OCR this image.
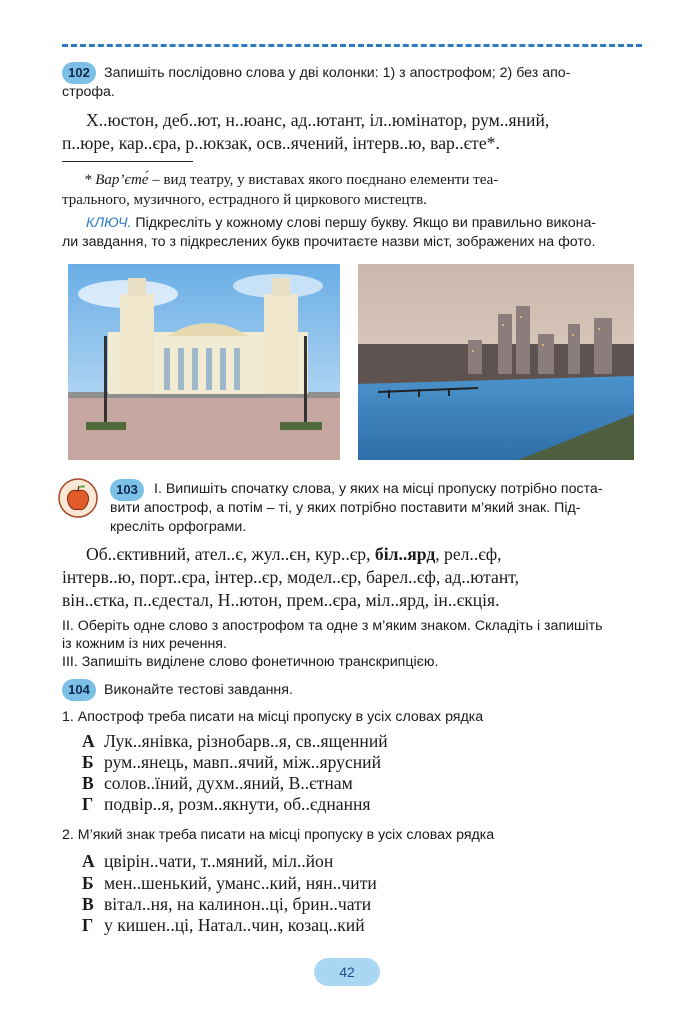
102 Запишіть послідовно слова у дві колонки: 1) з апострофом; 2) без апо-
строфа.
Х..юстон, деб..ют, н..юанс, ад..ютант, іл..юмінатор, рум..яний,
п..юре, кар..єра, р..юкзак, осв..ячений, інтерв..ю, вар..єте*.
* Вар’єте́ – вид театру, у виставах якого поєднано елементи теа-
трального, музичного, естрадного й циркового мистецтв.
КЛЮЧ. Підкресліть у кожному слові першу букву. Якщо ви правильно викона-
ли завдання, то з підкреслених букв прочитаєте назви міст, зображених на фото.
103	І. Випишіть спочатку слова, у яких на місці пропуску потрібно поста-
вити апостроф, а потім – ті, у яких потрібно поставити м’який знак. Під-
кресліть орфограми.
Об..єктивний, ател..є, жул..єн, кур..єр, біл..ярд, рел..єф,
інтерв..ю, порт..єра, інтер..єр, модел..єр, барел..єф, ад..ютант,
він..єтка, п..єдестал, Н..ютон, прем..єра, міл..ярд, ін..єкція.
ІІ. Оберіть одне слово з апострофом та одне з м’яким знаком. Складіть і запишіть
із кожним із них речення.
ІІІ. Запишіть виділене слово фонетичною транскрипцією.
104 Виконайте тестові завдання.
1. Апостроф треба писати на місці пропуску в усіх словах рядка
А Лук..янівка, різнобарв..я, св..ященний
Б рум..янець, мавп..ячий, між..ярусний
В солов..їний, духм..яний, В..єтнам
Г подвір..я, розм..якнути, об..єднання
2. М’який знак треба писати на місці пропуску в усіх словах рядка
А цвірін..чати, т..мяний, міл..йон
Б мен..шенький, уманс..кий, нян..чити
В вітал..ня, на калинон..ці, брин..чати
Г у кишен..ці, Натал..чин, козац..кий
42
